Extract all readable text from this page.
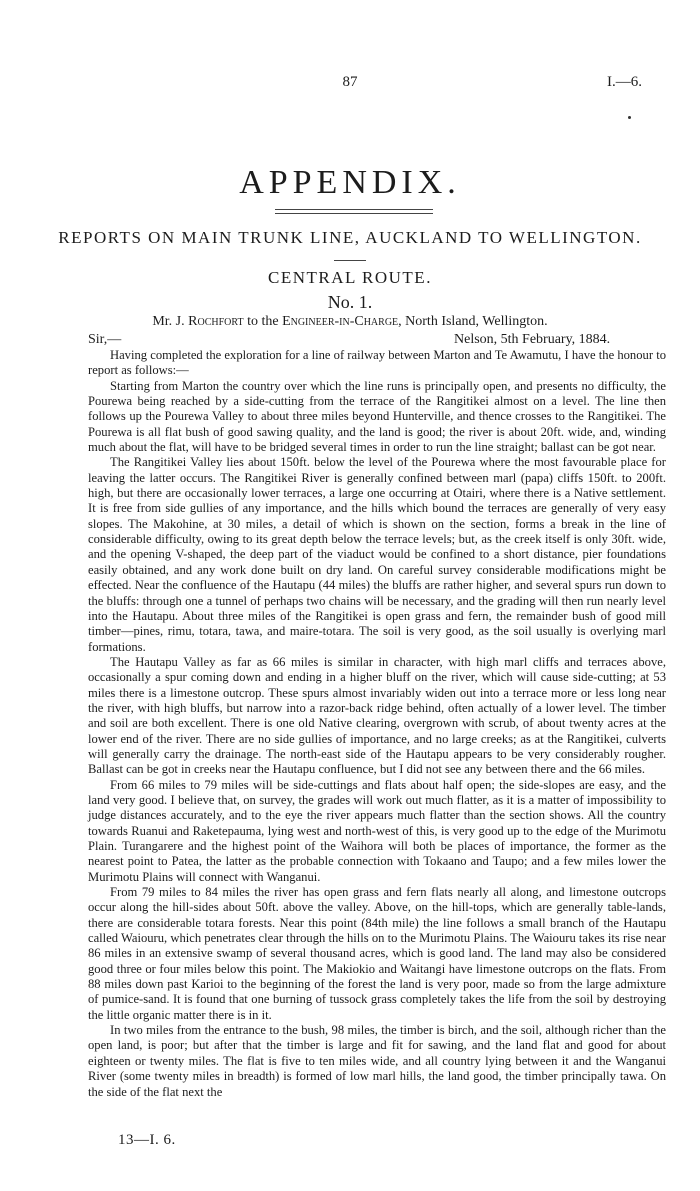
87	I.—6.
APPENDIX.
REPORTS ON MAIN TRUNK LINE, AUCKLAND TO WELLINGTON.
CENTRAL ROUTE.
No. 1.
Mr. J. Rochfort to the Engineer-in-Charge, North Island, Wellington.
Sir,—	Nelson, 5th February, 1884.

Having completed the exploration for a line of railway between Marton and Te Awamutu, I have the honour to report as follows:—

Starting from Marton the country over which the line runs is principally open, and presents no difficulty, the Pourewa being reached by a side-cutting from the terrace of the Rangitikei almost on a level. The line then follows up the Pourewa Valley to about three miles beyond Hunterville, and thence crosses to the Rangitikei. The Pourewa is all flat bush of good sawing quality, and the land is good; the river is about 20ft. wide, and, winding much about the flat, will have to be bridged several times in order to run the line straight; ballast can be got near.

The Rangitikei Valley lies about 150ft. below the level of the Pourewa where the most favourable place for leaving the latter occurs. The Rangitikei River is generally confined between marl (papa) cliffs 150ft. to 200ft. high, but there are occasionally lower terraces, a large one occurring at Otairi, where there is a Native settlement. It is free from side gullies of any importance, and the hills which bound the terraces are generally of very easy slopes. The Makohine, at 30 miles, a detail of which is shown on the section, forms a break in the line of considerable difficulty, owing to its great depth below the terrace levels; but, as the creek itself is only 30ft. wide, and the opening V-shaped, the deep part of the viaduct would be confined to a short distance, pier foundations easily obtained, and any work done built on dry land. On careful survey considerable modifications might be effected. Near the confluence of the Hautapu (44 miles) the bluffs are rather higher, and several spurs run down to the bluffs: through one a tunnel of perhaps two chains will be necessary, and the grading will then run nearly level into the Hautapu. About three miles of the Rangitikei is open grass and fern, the remainder bush of good mill timber—pines, rimu, totara, tawa, and maire-totara. The soil is very good, as the soil usually is overlying marl formations.

The Hautapu Valley as far as 66 miles is similar in character, with high marl cliffs and terraces above, occasionally a spur coming down and ending in a higher bluff on the river, which will cause side-cutting; at 53 miles there is a limestone outcrop. These spurs almost invariably widen out into a terrace more or less long near the river, with high bluffs, but narrow into a razor-back ridge behind, often actually of a lower level. The timber and soil are both excellent. There is one old Native clearing, overgrown with scrub, of about twenty acres at the lower end of the river. There are no side gullies of importance, and no large creeks; as at the Rangitikei, culverts will generally carry the drainage. The north-east side of the Hautapu appears to be very considerably rougher. Ballast can be got in creeks near the Hautapu confluence, but I did not see any between there and the 66 miles.

From 66 miles to 79 miles will be side-cuttings and flats about half open; the side-slopes are easy, and the land very good. I believe that, on survey, the grades will work out much flatter, as it is a matter of impossibility to judge distances accurately, and to the eye the river appears much flatter than the section shows. All the country towards Ruanui and Raketepauma, lying west and north-west of this, is very good up to the edge of the Murimotu Plain. Turangarere and the highest point of the Waihora will both be places of importance, the former as the nearest point to Patea, the latter as the probable connection with Tokaano and Taupo; and a few miles lower the Murimotu Plains will connect with Wanganui.

From 79 miles to 84 miles the river has open grass and fern flats nearly all along, and limestone outcrops occur along the hill-sides about 50ft. above the valley. Above, on the hill-tops, which are generally table-lands, there are considerable totara forests. Near this point (84th mile) the line follows a small branch of the Hautapu called Waiouru, which penetrates clear through the hills on to the Murimotu Plains. The Waiouru takes its rise near 86 miles in an extensive swamp of several thousand acres, which is good land. The land may also be considered good three or four miles below this point. The Makiokio and Waitangi have limestone outcrops on the flats. From 88 miles down past Karioi to the beginning of the forest the land is very poor, made so from the large admixture of pumice-sand. It is found that one burning of tussock grass completely takes the life from the soil by destroying the little organic matter there is in it.

In two miles from the entrance to the bush, 98 miles, the timber is birch, and the soil, although richer than the open land, is poor; but after that the timber is large and fit for sawing, and the land flat and good for about eighteen or twenty miles. The flat is five to ten miles wide, and all country lying between it and the Wanganui River (some twenty miles in breadth) is formed of low marl hills, the land good, the timber principally tawa. On the side of the flat next the

13—I. 6.
